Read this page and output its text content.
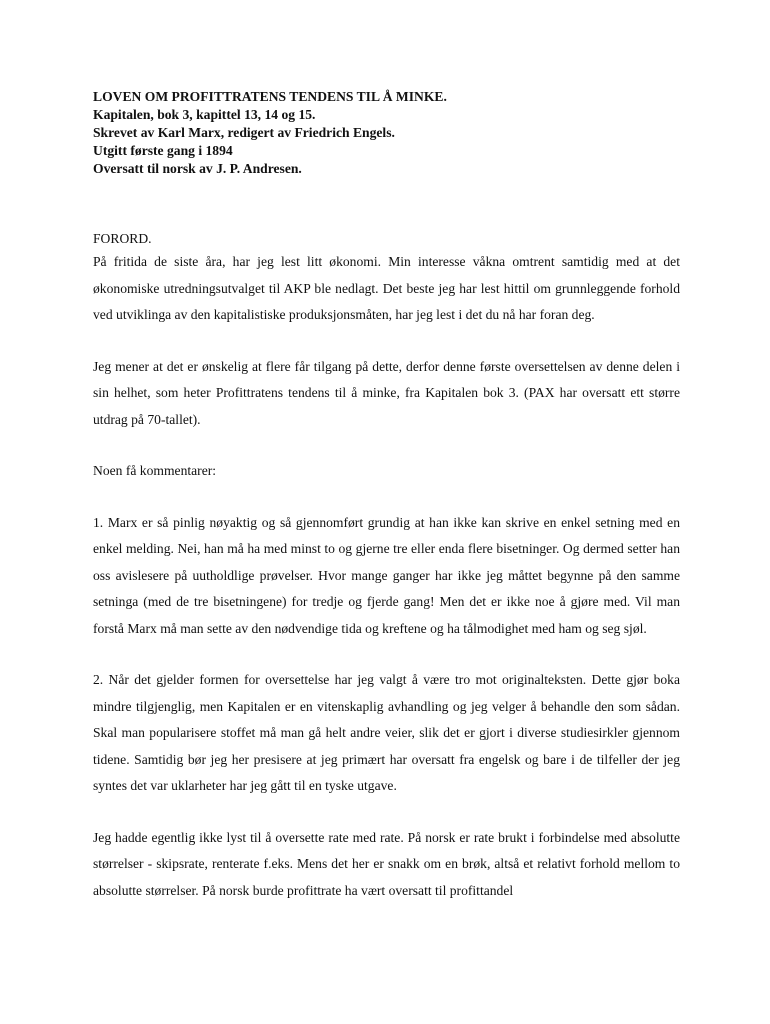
LOVEN OM PROFITTRATENS TENDENS TIL Å MINKE.
Kapitalen, bok 3, kapittel 13, 14 og 15.
Skrevet av Karl Marx, redigert av Friedrich Engels.
Utgitt første gang i 1894
Oversatt til norsk av J. P. Andresen.
FORORD.

På fritida de siste åra, har jeg lest litt økonomi. Min interesse våkna omtrent samtidig med at det økonomiske utredningsutvalget til AKP ble nedlagt. Det beste jeg har lest hittil om grunnleggende forhold ved utviklinga av den kapitalistiske produksjonsmåten, har jeg lest i det du nå har foran deg.

Jeg mener at det er ønskelig at flere får tilgang på dette, derfor denne første oversettelsen av denne delen i sin helhet, som heter Profittratens tendens til å minke, fra Kapitalen bok 3. (PAX har oversatt ett større utdrag på 70-tallet).

Noen få kommentarer:

1. Marx er så pinlig nøyaktig og så gjennomført grundig at han ikke kan skrive en enkel setning med en enkel melding. Nei, han må ha med minst to og gjerne tre eller enda flere bisetninger. Og dermed setter han oss avislesere på uutholdlige prøvelser. Hvor mange ganger har ikke jeg måttet begynne på den samme setninga (med de tre bisetningene) for tredje og fjerde gang! Men det er ikke noe å gjøre med. Vil man forstå Marx må man sette av den nødvendige tida og kreftene og ha tålmodighet med ham og seg sjøl.

2. Når det gjelder formen for oversettelse har jeg valgt å være tro mot originalteksten. Dette gjør boka mindre tilgjenglig, men Kapitalen er en vitenskaplig avhandling og jeg velger å behandle den som sådan. Skal man popularisere stoffet må man gå helt andre veier, slik det er gjort i diverse studiesirkler gjennom tidene. Samtidig bør jeg her presisere at jeg primært har oversatt fra engelsk og bare i de tilfeller der jeg syntes det var uklarheter har jeg gått til en tyske utgave.

Jeg hadde egentlig ikke lyst til å oversette rate med rate. På norsk er rate brukt i forbindelse med absolutte størrelser - skipsrate, renterate f.eks. Mens det her er snakk om en brøk, altså et relativt forhold mellom to absolutte størrelser. På norsk burde profittrate ha vært oversatt til profittandel
